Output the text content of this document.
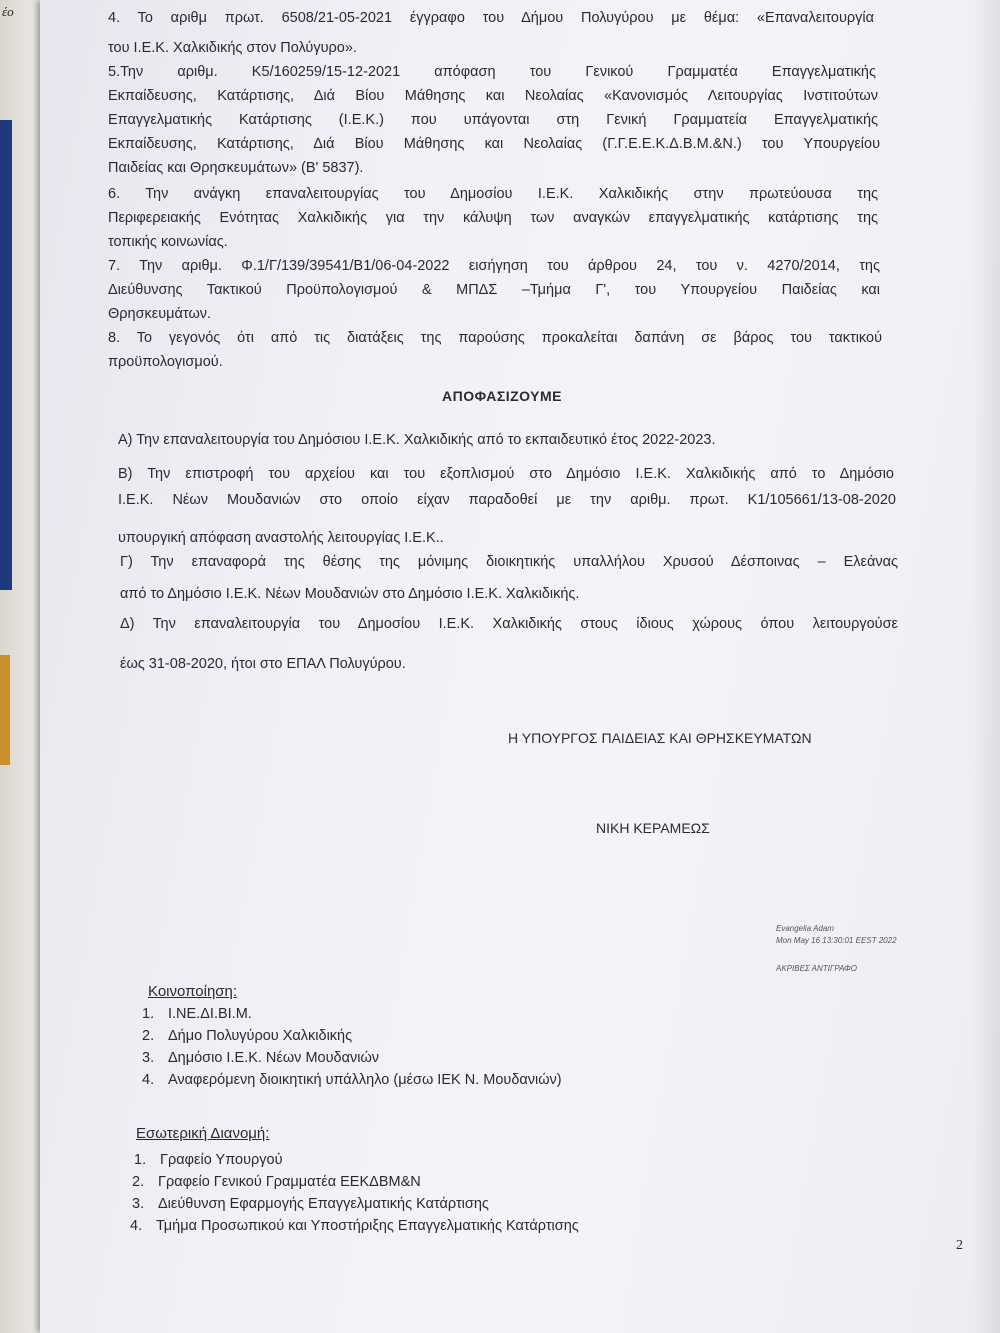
έο	4. Το αριθμ πρωτ. 6508/21-05-2021 έγγραφο του Δήμου Πολυγύρου με θέμα: «Επαναλειτουργία
του Ι.Ε.Κ. Χαλκιδικής στον Πολύγυρο».
5.Την αριθμ. Κ5/160259/15-12-2021 απόφαση του Γενικού Γραμματέα Επαγγελματικής
Εκπαίδευσης, Κατάρτισης, Διά Βίου Μάθησης και Νεολαίας «Κανονισμός Λειτουργίας Ινστιτούτων
Επαγγελματικής Κατάρτισης (Ι.Ε.Κ.) που υπάγονται στη Γενική Γραμματεία Επαγγελματικής
Εκπαίδευσης, Κατάρτισης, Διά Βίου Μάθησης και Νεολαίας (Γ.Γ.Ε.Ε.Κ.Δ.Β.Μ.&Ν.) του Υπουργείου
Παιδείας και Θρησκευμάτων» (Β' 5837).
6. Την ανάγκη επαναλειτουργίας του Δημοσίου Ι.Ε.Κ. Χαλκιδικής στην πρωτεύουσα της
Περιφερειακής Ενότητας Χαλκιδικής για την κάλυψη των αναγκών επαγγελματικής κατάρτισης της
τοπικής κοινωνίας.
7. Την αριθμ. Φ.1/Γ/139/39541/Β1/06-04-2022 εισήγηση του άρθρου 24, του ν. 4270/2014, της
Διεύθυνσης Τακτικού Προϋπολογισμού & ΜΠΔΣ –Τμήμα Γ', του Υπουργείου Παιδείας και
Θρησκευμάτων.
8. Το γεγονός ότι από τις διατάξεις της παρούσης προκαλείται δαπάνη σε βάρος του τακτικού
προϋπολογισμού.
ΑΠΟΦΑΣΙΖΟΥΜΕ
Α) Την επαναλειτουργία του Δημόσιου Ι.Ε.Κ. Χαλκιδικής από το εκπαιδευτικό έτος 2022-2023.
Β) Την επιστροφή του αρχείου και του εξοπλισμού στο Δημόσιο Ι.Ε.Κ. Χαλκιδικής από το Δημόσιο
Ι.Ε.Κ. Νέων Μουδανιών στο οποίο είχαν παραδοθεί με την αριθμ. πρωτ. Κ1/105661/13-08-2020
υπουργική απόφαση αναστολής λειτουργίας Ι.Ε.Κ..
Γ) Την επαναφορά της θέσης της μόνιμης διοικητικής υπαλλήλου Χρυσού Δέσποινας – Ελεάνας
από το Δημόσιο Ι.Ε.Κ. Νέων Μουδανιών στο Δημόσιο Ι.Ε.Κ. Χαλκιδικής.
Δ) Την επαναλειτουργία του Δημοσίου Ι.Ε.Κ. Χαλκιδικής στους ίδιους χώρους όπου λειτουργούσε
έως 31-08-2020, ήτοι στο ΕΠΑΛ Πολυγύρου.
Η ΥΠΟΥΡΓΟΣ ΠΑΙΔΕΙΑΣ ΚΑΙ ΘΡΗΣΚΕΥΜΑΤΩΝ
ΝΙΚΗ ΚΕΡΑΜΕΩΣ
Evangelia Adam
Mon May 16 13:30:01 EEST 2022
ΑΚΡΙΒΕΣ ΑΝΤΙΓΡΑΦΟ
Κοινοποίηση:
1. Ι.ΝΕ.ΔΙ.ΒΙ.Μ.
2. Δήμο Πολυγύρου Χαλκιδικής
3. Δημόσιο Ι.Ε.Κ. Νέων Μουδανιών
4. Αναφερόμενη διοικητική υπάλληλο (μέσω ΙΕΚ Ν. Μουδανιών)
Εσωτερική Διανομή:
1. Γραφείο Υπουργού
2. Γραφείο Γενικού Γραμματέα ΕΕΚΔΒΜ&Ν
3. Διεύθυνση Εφαρμογής Επαγγελματικής Κατάρτισης
4. Τμήμα Προσωπικού και Υποστήριξης Επαγγελματικής Κατάρτισης
2
